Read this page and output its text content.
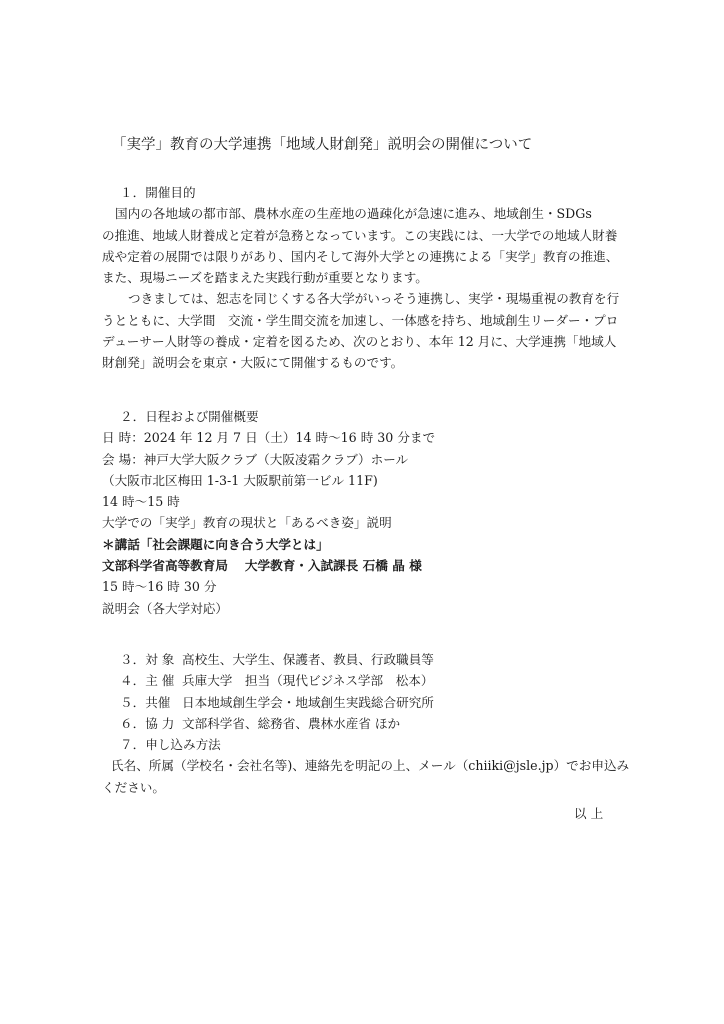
「実学」教育の大学連携「地域人財創発」説明会の開催について
１．開催目的
国内の各地域の都市部、農林水産の生産地の過疎化が急速に進み、地域創生・SDGs
の推進、地域人財養成と定着が急務となっています。この実践には、一大学での地域人財養
成や定着の展開では限りがあり、国内そして海外大学との連携による「実学」教育の推進、
また、現場ニーズを踏まえた実践行動が重要となります。
つきましては、恕志を同じくする各大学がいっそう連携し、実学・現場重視の教育を行
うとともに、大学間　交流・学生間交流を加速し、一体感を持ち、地域創生リーダー・プロ
デューサー人財等の養成・定着を図るため、次のとおり、本年 12 月に、大学連携「地域人
財創発」説明会を東京・大阪にて開催するものです。
２．日程および開催概要
日 時：2024 年 12 月 7 日（土）14 時～16 時 30 分まで
会 場：神戸大学大阪クラブ（大阪凌霜クラブ）ホール
（大阪市北区梅田 1-3-1 大阪駅前第一ビル 11F)
14 時～15 時
大学での「実学」教育の現状と「あるべき姿」説明
＊講話「社会課題に向き合う大学とは」
文部科学省高等教育局　 大学教育・入試課長 石橋 晶 様
15 時～16 時 30 分
説明会（各大学対応）
３．対 象 高校生、大学生、保護者、教員、行政職員等
４．主 催 兵庫大学　担当（現代ビジネス学部　松本）
５．共催 日本地域創生学会・地域創生実践総合研究所
６．協 力 文部科学省、総務省、農林水産省 ほか
７．申し込み方法
氏名、所属（学校名・会社名等)、連絡先を明記の上、メール（chiiki@jsle.jp）でお申込み
ください。
以 上
